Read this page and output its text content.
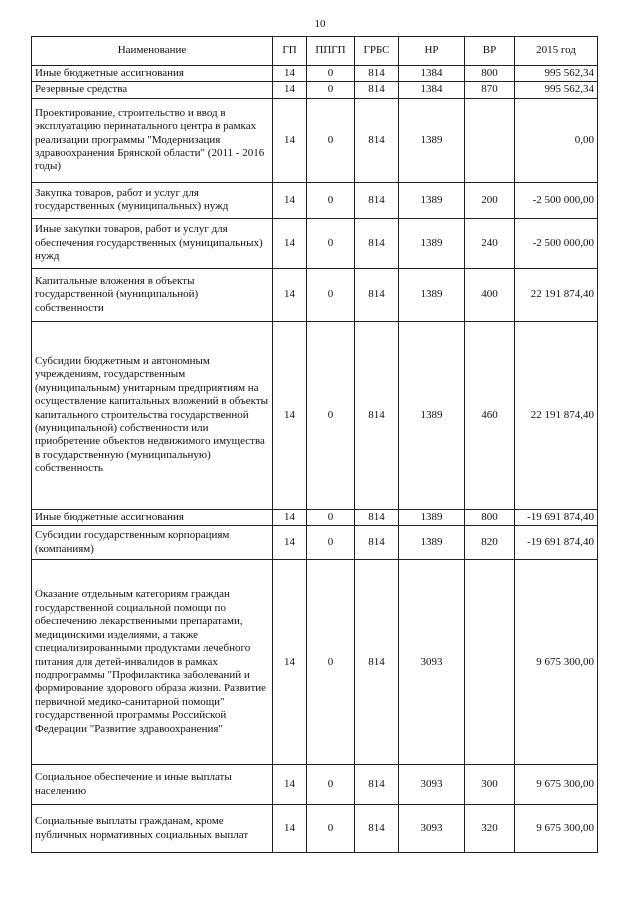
10
Наименование	ГП	ППГП	ГРБС	НР	ВР	2015 год
Иные бюджетные ассигнования	14	0	814	1384	800	995 562,34
Резервные средства	14	0	814	1384	870	995 562,34
Проектирование, строительство и ввод в эксплуатацию перинатального центра в рамках реализации программы "Модернизация здравоохранения Брянской области" (2011 - 2016 годы)	14	0	814	1389		0,00
Закупка товаров, работ и услуг для государственных (муниципальных) нужд	14	0	814	1389	200	-2 500 000,00
Иные закупки товаров, работ и услуг для обеспечения государственных (муниципальных) нужд	14	0	814	1389	240	-2 500 000,00
Капитальные вложения в объекты государственной (муниципальной) собственности	14	0	814	1389	400	22 191 874,40
Субсидии бюджетным и автономным учреждениям, государственным (муниципальным) унитарным предприятиям на осуществление капитальных вложений в объекты капитального строительства государственной (муниципальной) собственности или приобретение объектов недвижимого имущества в государственную (муниципальную) собственность	14	0	814	1389	460	22 191 874,40
Иные бюджетные ассигнования	14	0	814	1389	800	-19 691 874,40
Субсидии государственным корпорациям (компаниям)	14	0	814	1389	820	-19 691 874,40
Оказание отдельным категориям граждан государственной социальной помощи по обеспечению лекарственными препаратами, медицинскими изделиями, а также специализированными продуктами лечебного питания для детей-инвалидов в рамках подпрограммы "Профилактика заболеваний и формирование здорового образа жизни. Развитие первичной медико-санитарной помощи" государственной программы Российской Федерации "Развитие здравоохранения"	14	0	814	3093		9 675 300,00
Социальное обеспечение и иные выплаты населению	14	0	814	3093	300	9 675 300,00
Социальные выплаты гражданам, кроме публичных нормативных социальных выплат	14	0	814	3093	320	9 675 300,00
